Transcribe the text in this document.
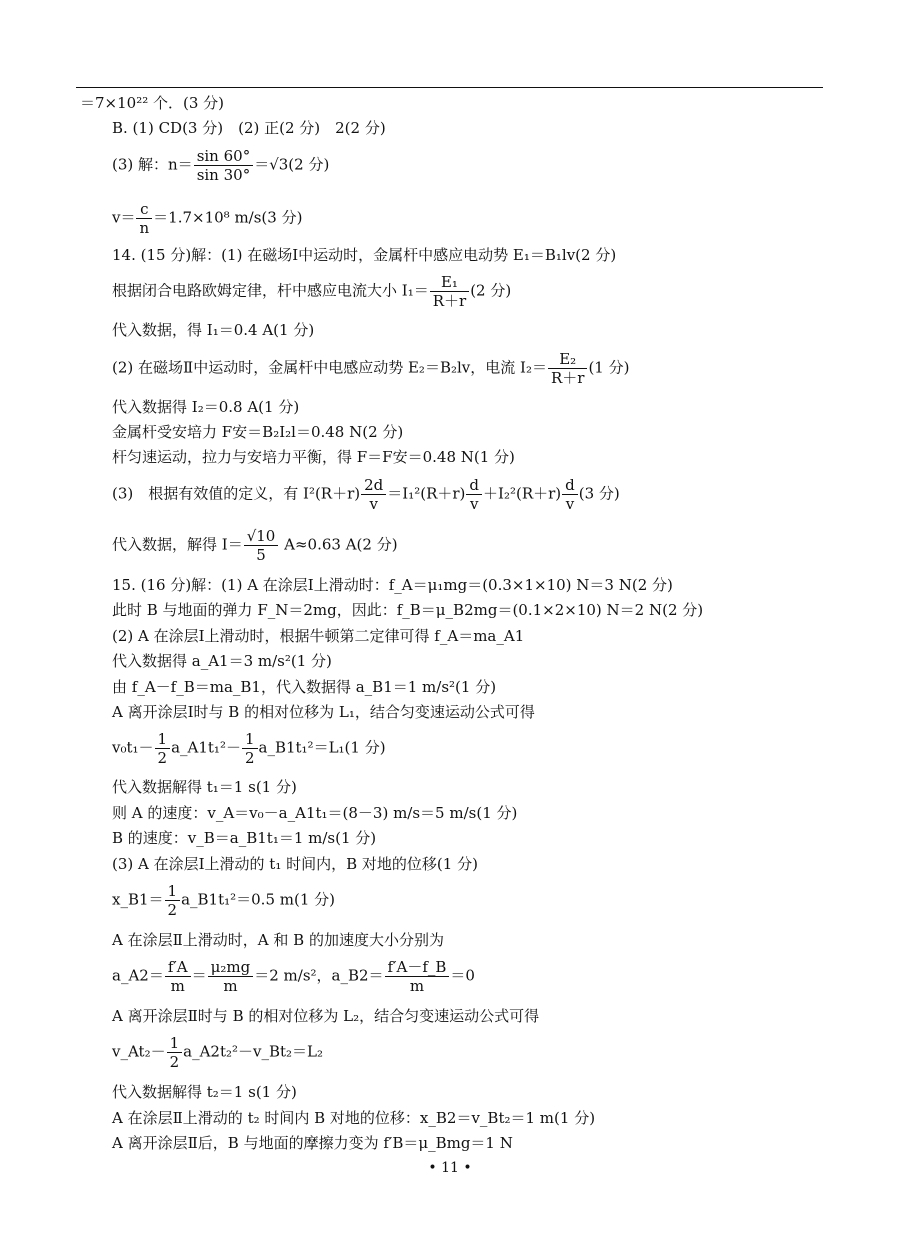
＝7×10²² 个．(3 分)
B. (1) CD(3 分)　(2) 正(2 分)　2(2 分)
(3) 解：$n= \frac{\sin 60^\circ}{\sin 30^\circ} =√3(2$ 分)
$v= \frac{c}{n} =1.7\times 10^8$ m/s(3 分)
14. (15 分)解：(1) 在磁场Ⅰ中运动时，金属杆中感应电动势 E₁＝B₁lv(2 分)
根据闭合电路欧姆定律，杆中感应电流大小 $I_1= \frac{\text{E₁}}{R+r} (2$ 分)
代入数据，得 I₁＝0.4 A(1 分)
(2) 在磁场Ⅱ中运动时，金属杆中电感应动势 E₂＝B₂lv，电流 $I_2= \frac{\text{E₂}}{R+r} (1$ 分)
代入数据得 I₂＝0.8 A(1 分)
金属杆受安培力 F安＝B₂I₂l＝0.48 N(2 分)
杆匀速运动，拉力与安培力平衡，得 F＝F安＝0.48 N(1 分)
(3)　根据有效值的定义，有 $I^2(R+r) \frac{2d}{v} =I_1^2(R+r) \frac{d}{v} +I_2^2(R+r) \frac{d}{v} (3$ 分)
代入数据，解得 $I= \frac{√10}{5} A\approx 0.63$ A(2 分)
15. (16 分)解：(1) A 在涂层Ⅰ上滑动时：f_A＝μ₁mg＝(0.3×1×10) N＝3 N(2 分)
此时 B 与地面的弹力 F_N＝2mg，因此：f_B＝μ_B2mg＝(0.1×2×10) N＝2 N(2 分)
(2) A 在涂层Ⅰ上滑动时，根据牛顿第二定律可得 f_A＝ma_A1
代入数据得 a_A1＝3 m/s²(1 分)
由 f_A－f_B＝ma_B1，代入数据得 a_B1＝1 m/s²(1 分)
A 离开涂层Ⅰ时与 B 的相对位移为 L₁，结合匀变速运动公式可得
$v_0t_1- \frac{1}{2}$ a_A1t₁²－ $\frac{1}{2}$ a_B1t₁²＝L₁(1 分)
代入数据解得 t₁＝1 s(1 分)
则 A 的速度：v_A＝v₀－a_A1t₁＝(8－3) m/s＝5 m/s(1 分)
B 的速度：v_B＝a_B1t₁＝1 m/s(1 分)
(3) A 在涂层Ⅰ上滑动的 t₁ 时间内，B 对地的位移(1 分)
x_B1＝ $\frac{1}{2}$ a_B1t₁²＝0.5 m(1 分)
A 在涂层Ⅱ上滑动时，A 和 B 的加速度大小分别为
a_A2＝ $\frac{f'A}{m} = \frac{\text{μ₂mg}}{m} =2$ m/s²，a_B2＝ $\frac{f'A-f\_B}{m} =0$
A 离开涂层Ⅱ时与 B 的相对位移为 L₂，结合匀变速运动公式可得
v_At₂－ $\frac{1}{2}$ a_A2t₂²－v_Bt₂＝L₂
代入数据解得 t₂＝1 s(1 分)
A 在涂层Ⅱ上滑动的 t₂ 时间内 B 对地的位移：x_B2＝v_Bt₂＝1 m(1 分)
A 离开涂层Ⅱ后，B 与地面的摩擦力变为 f′B＝μ_Bmg＝1 N
• 11 •
